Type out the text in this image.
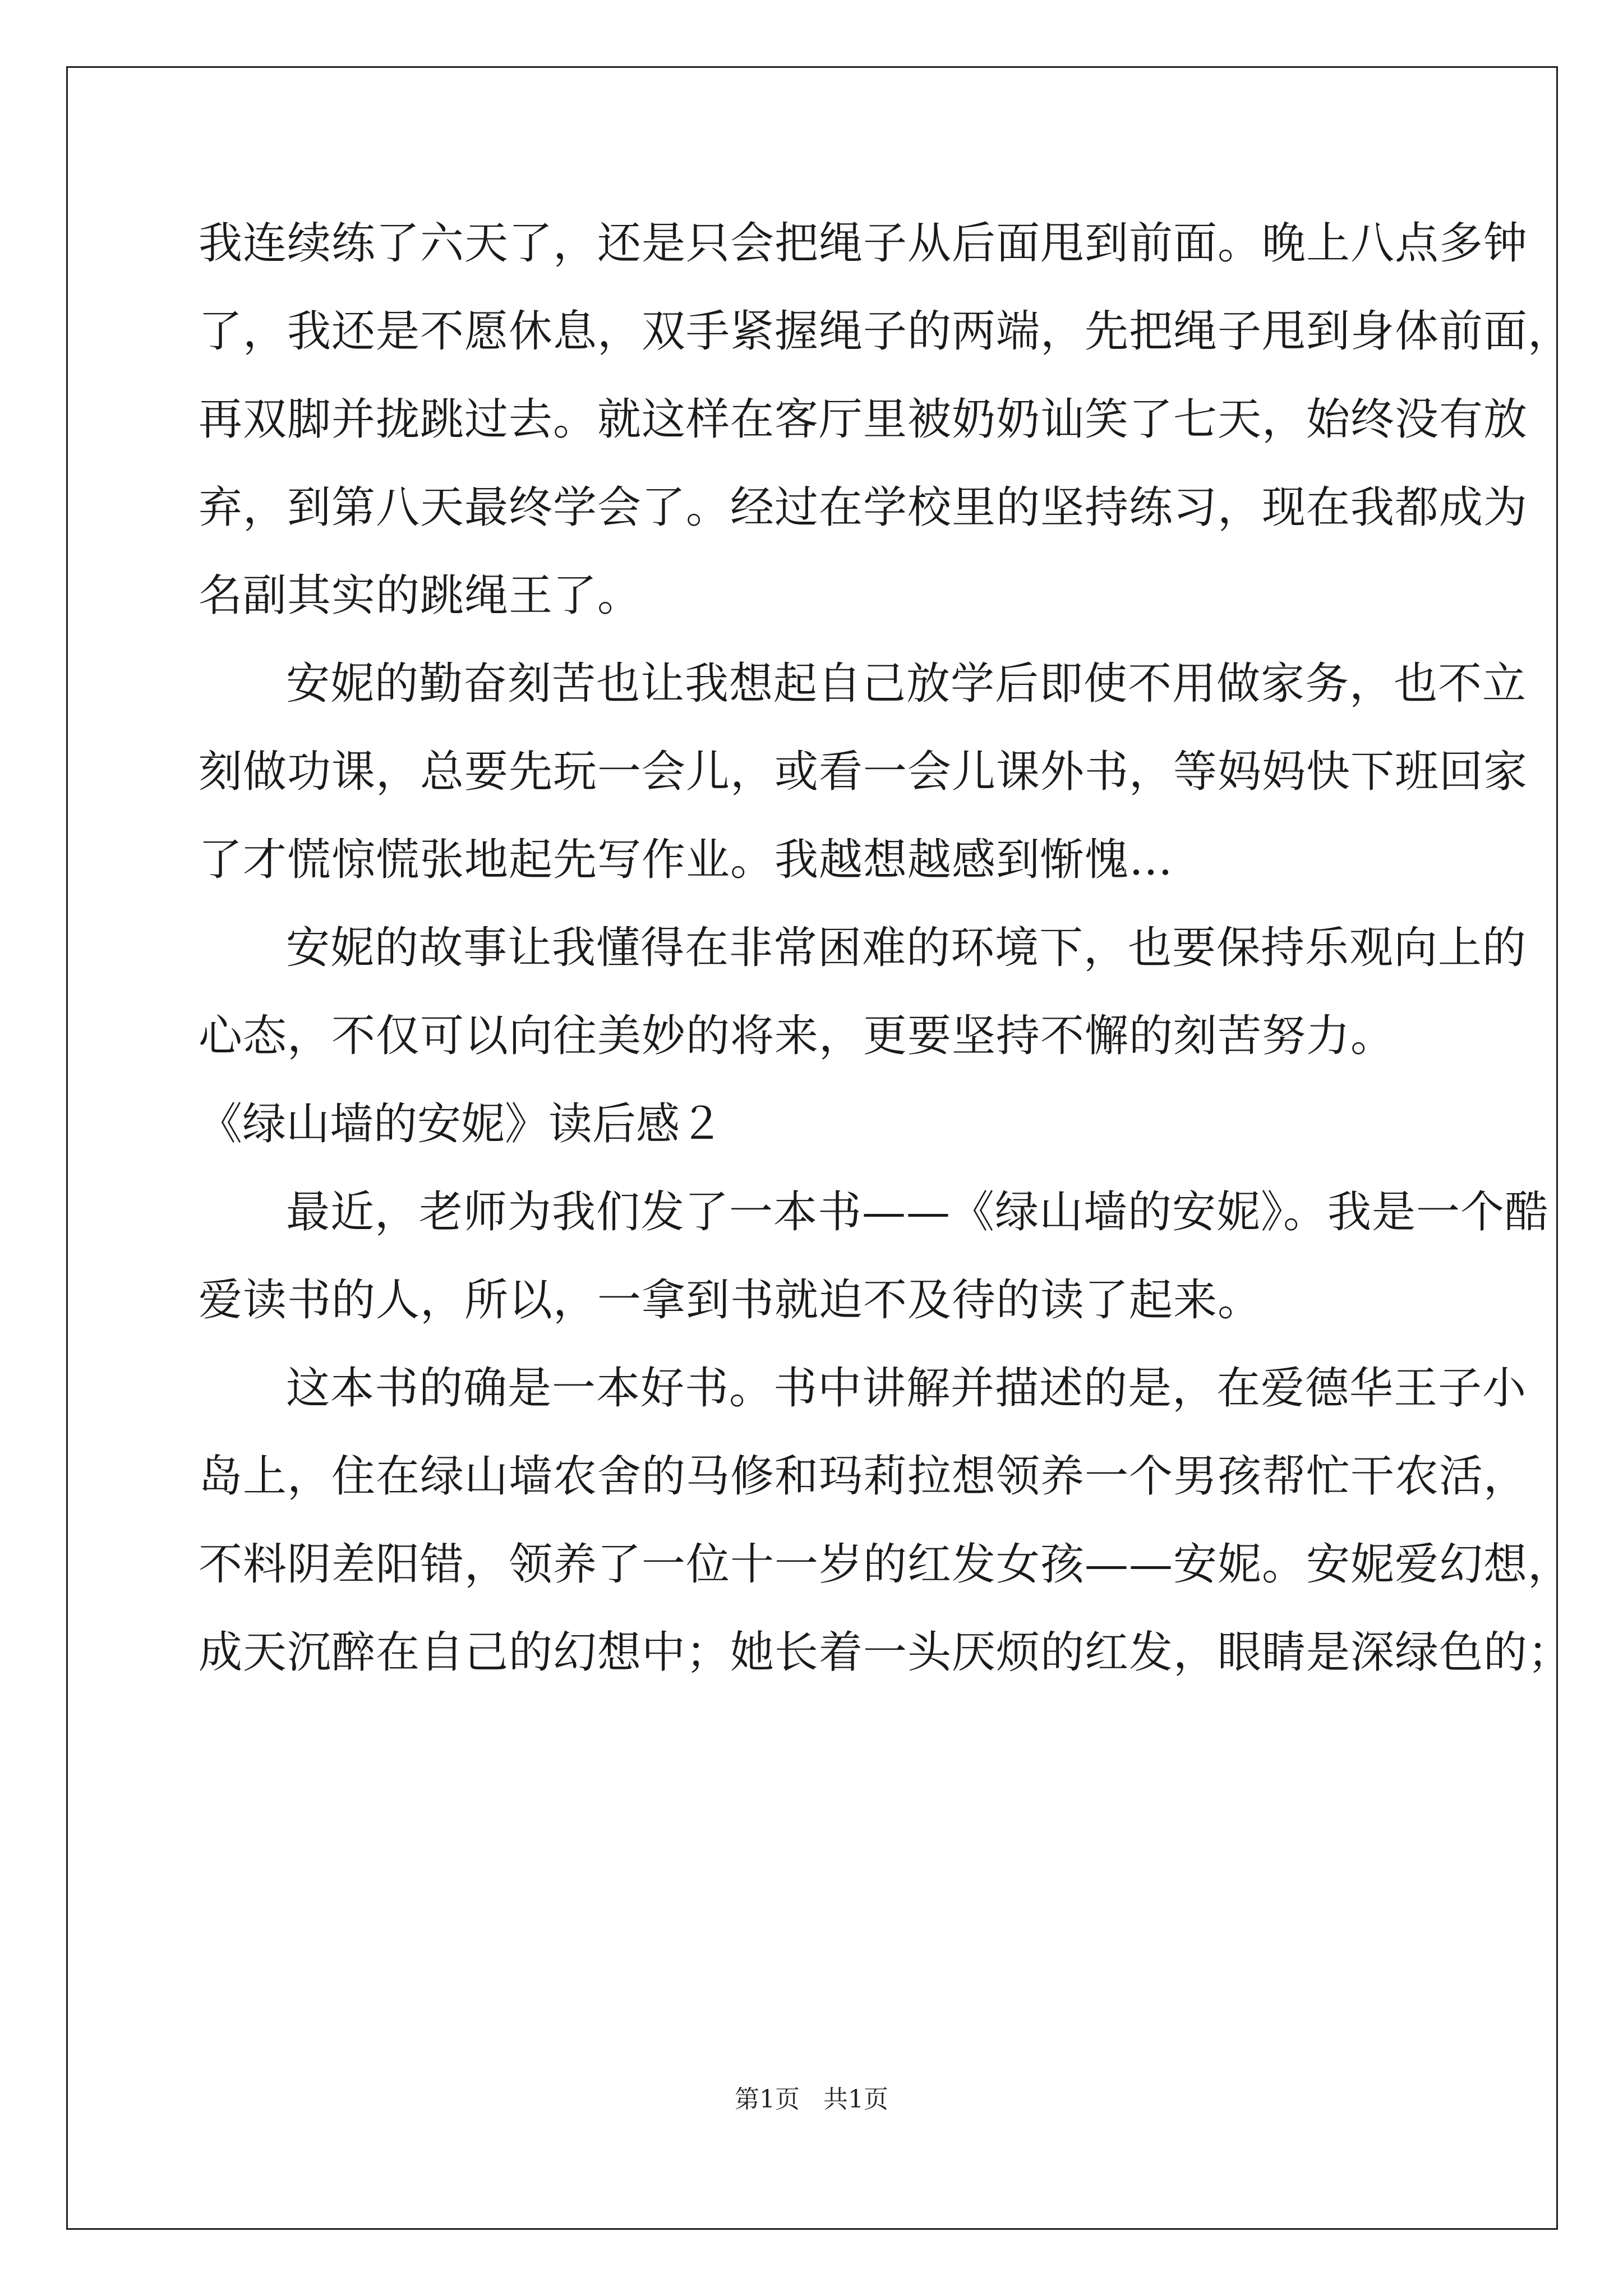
我连续练了六天了，还是只会把绳子从后面甩到前面。晚上八点多钟
了，我还是不愿休息，双手紧握绳子的两端，先把绳子甩到身体前面，
再双脚并拢跳过去。就这样在客厅里被奶奶讪笑了七天，始终没有放
弃，到第八天最终学会了。经过在学校里的坚持练习，现在我都成为
名副其实的跳绳王了。
安妮的勤奋刻苦也让我想起自己放学后即使不用做家务，也不立
刻做功课，总要先玩一会儿，或看一会儿课外书，等妈妈快下班回家
了才慌惊慌张地起先写作业。我越想越感到惭愧…
安妮的故事让我懂得在非常困难的环境下，也要保持乐观向上的
心态，不仅可以向往美妙的将来，更要坚持不懈的刻苦努力。
《绿山墙的安妮》读后感２
最近，老师为我们发了一本书——《绿山墙的安妮》。我是一个酷
爱读书的人，所以，一拿到书就迫不及待的读了起来。
这本书的确是一本好书。书中讲解并描述的是，在爱德华王子小
岛上，住在绿山墙农舍的马修和玛莉拉想领养一个男孩帮忙干农活，
不料阴差阳错，领养了一位十一岁的红发女孩——安妮。安妮爱幻想，
成天沉醉在自己的幻想中；她长着一头厌烦的红发，眼睛是深绿色的；
第1页   共1页
